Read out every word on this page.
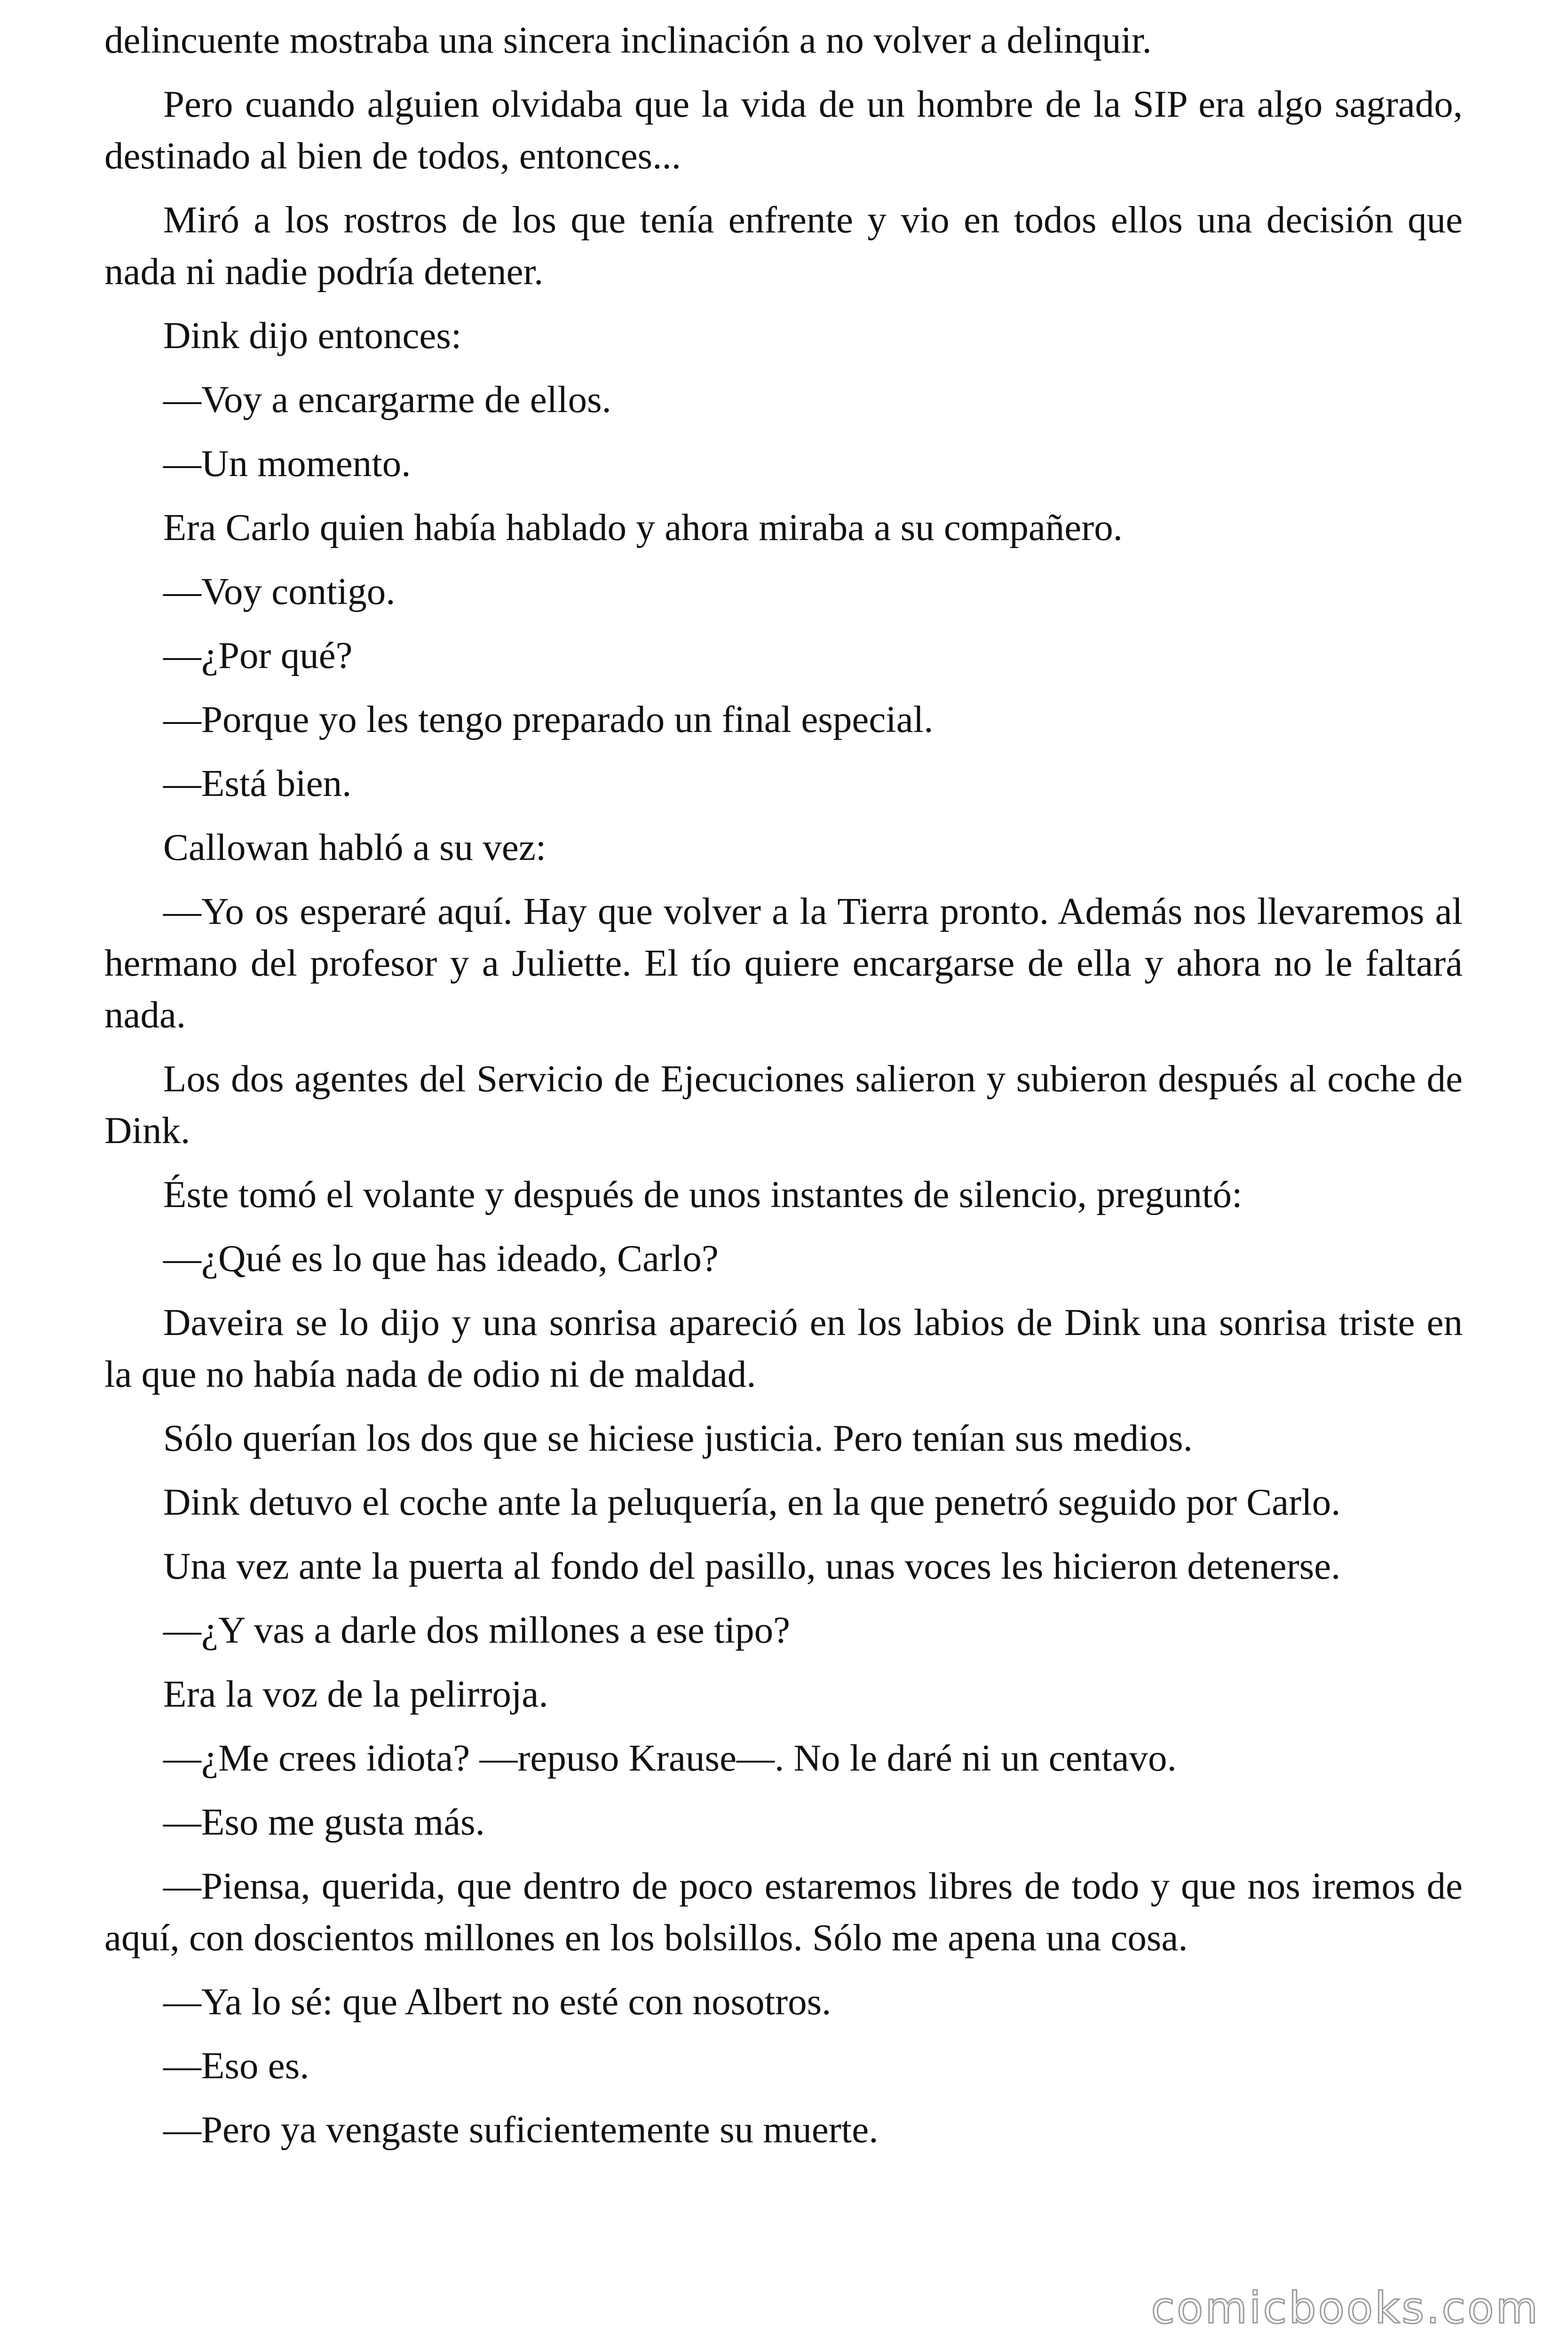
delincuente mostraba una sincera inclinación a no volver a delinquir.

Pero cuando alguien olvidaba que la vida de un hombre de la SIP era algo sagrado, destinado al bien de todos, entonces...

Miró a los rostros de los que tenía enfrente y vio en todos ellos una decisión que nada ni nadie podría detener.

Dink dijo entonces:

—Voy a encargarme de ellos.

—Un momento.

Era Carlo quien había hablado y ahora miraba a su compañero.

—Voy contigo.

—¿Por qué?

—Porque yo les tengo preparado un final especial.

—Está bien.

Callowan habló a su vez:

—Yo os esperaré aquí. Hay que volver a la Tierra pronto. Además nos llevaremos al hermano del profesor y a Juliette. El tío quiere encargarse de ella y ahora no le faltará nada.

Los dos agentes del Servicio de Ejecuciones salieron y subieron después al coche de Dink.

Éste tomó el volante y después de unos instantes de silencio, preguntó:

—¿Qué es lo que has ideado, Carlo?

Daveira se lo dijo y una sonrisa apareció en los labios de Dink una sonrisa triste en la que no había nada de odio ni de maldad.

Sólo querían los dos que se hiciese justicia. Pero tenían sus medios.

Dink detuvo el coche ante la peluquería, en la que penetró seguido por Carlo.

Una vez ante la puerta al fondo del pasillo, unas voces les hicieron detenerse.

—¿Y vas a darle dos millones a ese tipo?

Era la voz de la pelirroja.

—¿Me crees idiota? —repuso Krause—. No le daré ni un centavo.

—Eso me gusta más.

—Piensa, querida, que dentro de poco estaremos libres de todo y que nos iremos de aquí, con doscientos millones en los bolsillos. Sólo me apena una cosa.

—Ya lo sé: que Albert no esté con nosotros.

—Eso es.

—Pero ya vengaste suficientemente su muerte.

comicbooks.com
